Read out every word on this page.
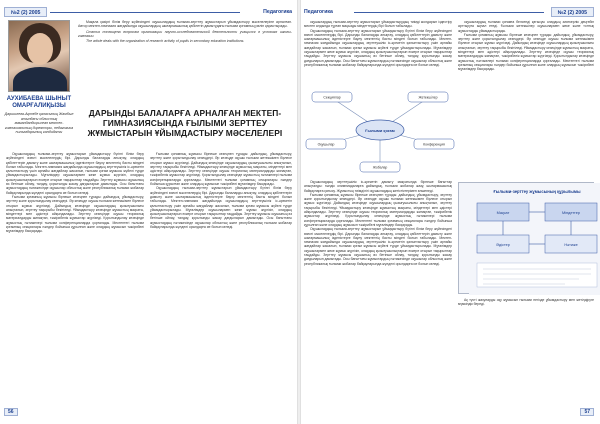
№2 (2) 2005	Педагогика
АУХИБАЕВА ШЫНЫТ ОМАРҒАЛИҚЫЗЫ
Даршилева-Ақтөбе қаласының Жамбыл атындағы облыстық мамандандырылған мектеп-гимназиясының директоры, педагогика ғылымдарының кандидаты

Мақала қазіргі білім беру жүйесіндегі оқушылардың ғылыми-зерттеу жұмыстарын ұйымдастыру мәселелеріне арналған. Автор мектеп-гимназия жағдайында оқушылардың шығармашылық қабілетін дамытудағы ғылыми қоғамның рөлін қарастырады.

Статья посвящена вопросам организации научно-исследовательской деятельности учащихся в условиях школы-гимназии.

The article deals with the organization of research activity of pupils in secondary education institutions.

ДАРЫНДЫ БАЛАЛАРҒА АРНАЛҒАН МЕКТЕП-ГИМНАЗИЯСЫНДА ҒЫЛЫМИ ЗЕРТТЕУ ЖҰМЫСТАРЫН ҰЙЫМДАСТЫРУ МӘСЕЛЕЛЕРІ

Оқушылардың ғылыми-зерттеу жұмыстарын ұйымдастыру бүгінгі білім беру жүйесіндегі өзекті мәселелердің бірі. Дарынды балаларды анықтау, олардың қабілеттерін дамыту және шығармашылық ізденістерге баулу мектептің басты міндеті болып табылады. Мектеп-гимназия жағдайында оқушылардың зерттеушілік іс-әрекетін қалыптастыру үшін арнайы жағдайлар жасалып, ғылыми қоғам жұмысы жүйелі түрде ұйымдастырылады. Мұғалімдер оқушылармен жеке жұмыс жүргізіп, олардың қызығушылықтарын ескере отырып тақырыптар таңдайды. Зерттеу жұмысы оқушының өз бетінше ойлау, талдау, қорытынды жасау дағдыларын дамытады. Осы бағыттағы жұмыстардың нәтижесінде оқушылар облыстық және республикалық ғылыми жобалар байқауларында жүлделі орындарға ие болып келеді.

Ғылыми қоғамның жұмысы бірнеше кезеңнен тұрады: дайындық, ұйымдастыру, зерттеу және қорытындылау кезеңдері. Әр кезеңде оқушы ғылыми жетекшімен бірлесе отырып жұмыс жүргізеді. Дайындық кезеңінде оқушылардың қызығушылығы анықталып, зерттеу тақырыбы бекітіледі. Ұйымдастыру кезеңінде жұмыстың мақсаты, міндеттері мен әдістері айқындалады. Зерттеу кезеңінде оқушы теориялық материалдарды жинақтап, тәжірибелік жұмыстар жүргізеді. Қорытындылау кезеңінде жұмыстың нәтижелері ғылыми конференцияларда қорғалады. Мектептегі ғылыми қоғамның секциялары пәндер бойынша құрылған және олардың жұмысын тәжірибелі мұғалімдер басқарады.

Ғылыми қоғамның жұмысы бірнеше кезеңнен тұрады: дайындық, ұйымдастыру, зерттеу және қорытындылау кезеңдері. Әр кезеңде оқушы ғылыми жетекшімен бірлесе отырып жұмыс жүргізеді. Дайындық кезеңінде оқушылардың қызығушылығы анықталып, зерттеу тақырыбы бекітіледі. Ұйымдастыру кезеңінде жұмыстың мақсаты, міндеттері мен әдістері айқындалады. Зерттеу кезеңінде оқушы теориялық материалдарды жинақтап, тәжірибелік жұмыстар жүргізеді. Қорытындылау кезеңінде жұмыстың нәтижелері ғылыми конференцияларда қорғалады. Мектептегі ғылыми қоғамның секциялары пәндер бойынша құрылған және олардың жұмысын тәжірибелі мұғалімдер басқарады.

Оқушылардың ғылыми-зерттеу жұмыстарын ұйымдастыру бүгінгі білім беру жүйесіндегі өзекті мәселелердің бірі. Дарынды балаларды анықтау, олардың қабілеттерін дамыту және шығармашылық ізденістерге баулу мектептің басты міндеті болып табылады. Мектеп-гимназия жағдайында оқушылардың зерттеушілік іс-әрекетін қалыптастыру үшін арнайы жағдайлар жасалып, ғылыми қоғам жұмысы жүйелі түрде ұйымдастырылады. Мұғалімдер оқушылармен жеке жұмыс жүргізіп, олардың қызығушылықтарын ескере отырып тақырыптар таңдайды. Зерттеу жұмысы оқушының өз бетінше ойлау, талдау, қорытынды жасау дағдыларын дамытады. Осы бағыттағы жұмыстардың нәтижесінде оқушылар облыстық және республикалық ғылыми жобалар байқауларында жүлделі орындарға ие болып келеді.

56
Педагогика	№2 (2) 2005

оқушылардың ғылыми-зерттеу жұмыстарын ұйымдастырудың тиімді жолдарын іздестіру мектеп алдында тұрған маңызды міндеттердің бірі болып табылады.

Оқушылардың ғылыми-зерттеу жұмыстарын ұйымдастыру бүгінгі білім беру жүйесіндегі өзекті мәселелердің бірі. Дарынды балаларды анықтау, олардың қабілеттерін дамыту және шығармашылық ізденістерге баулу мектептің басты міндеті болып табылады. Мектеп-гимназия жағдайында оқушылардың зерттеушілік іс-әрекетін қалыптастыру үшін арнайы жағдайлар жасалып, ғылыми қоғам жұмысы жүйелі түрде ұйымдастырылады. Мұғалімдер оқушылармен жеке жұмыс жүргізіп, олардың қызығушылықтарын ескере отырып тақырыптар таңдайды. Зерттеу жұмысы оқушының өз бетінше ойлау, талдау, қорытынды жасау дағдыларын дамытады. Осы бағыттағы жұмыстардың нәтижесінде оқушылар облыстық және республикалық ғылыми жобалар байқауларында жүлделі орындарға ие болып келеді.

Ғылыми қоғам
Секциялар	Жетекшілер
Оқушылар	Конференция
Жобалар

Оқушылардың зерттеушілік іс-әрекетін дамыту мақсатында бірнеше бағыттар анықталды: пәндік олимпиадаларға дайындық, ғылыми жобалар жазу, шығармашылық байқауларға қатысу. Жұмыстың тиімділігі оқушылардың жетістіктерімен өлшенеді.

Ғылыми қоғамның жұмысы бірнеше кезеңнен тұрады: дайындық, ұйымдастыру, зерттеу және қорытындылау кезеңдері. Әр кезеңде оқушы ғылыми жетекшімен бірлесе отырып жұмыс жүргізеді. Дайындық кезеңінде оқушылардың қызығушылығы анықталып, зерттеу тақырыбы бекітіледі. Ұйымдастыру кезеңінде жұмыстың мақсаты, міндеттері мен әдістері айқындалады. Зерттеу кезеңінде оқушы теориялық материалдарды жинақтап, тәжірибелік жұмыстар жүргізеді. Қорытындылау кезеңінде жұмыстың нәтижелері ғылыми конференцияларда қорғалады. Мектептегі ғылыми қоғамның секциялары пәндер бойынша құрылған және олардың жұмысын тәжірибелі мұғалімдер басқарады.

Оқушылардың ғылыми-зерттеу жұмыстарын ұйымдастыру бүгінгі білім беру жүйесіндегі өзекті мәселелердің бірі. Дарынды балаларды анықтау, олардың қабілеттерін дамыту және шығармашылық ізденістерге баулу мектептің басты міндеті болып табылады. Мектеп-гимназия жағдайында оқушылардың зерттеушілік іс-әрекетін қалыптастыру үшін арнайы жағдайлар жасалып, ғылыми қоғам жұмысы жүйелі түрде ұйымдастырылады. Мұғалімдер оқушылармен жеке жұмыс жүргізіп, олардың қызығушылықтарын ескере отырып тақырыптар таңдайды. Зерттеу жұмысы оқушының өз бетінше ойлау, талдау, қорытынды жасау дағдыларын дамытады. Осы бағыттағы жұмыстардың нәтижесінде оқушылар облыстық және республикалық ғылыми жобалар байқауларында жүлделі орындарға ие болып келеді.

оқушылардың ғылыми қоғамға белсенді қатысуы олардың зияткерлік деңгейін арттыруға ықпал етеді. Ғылыми жетекшілер оқушылармен жеке және топтық жұмыстарды ұйымдастырады.

Ғылыми қоғамның жұмысы бірнеше кезеңнен тұрады: дайындық, ұйымдастыру, зерттеу және қорытындылау кезеңдері. Әр кезеңде оқушы ғылыми жетекшімен бірлесе отырып жұмыс жүргізеді. Дайындық кезеңінде оқушылардың қызығушылығы анықталып, зерттеу тақырыбы бекітіледі. Ұйымдастыру кезеңінде жұмыстың мақсаты, міндеттері мен әдістері айқындалады. Зерттеу кезеңінде оқушы теориялық материалдарды жинақтап, тәжірибелік жұмыстар жүргізеді. Қорытындылау кезеңінде жұмыстың нәтижелері ғылыми конференцияларда қорғалады. Мектептегі ғылыми қоғамның секциялары пәндер бойынша құрылған және олардың жұмысын тәжірибелі мұғалімдер басқарады.

Ғылыми-зерттеу жұмысының құрылымы
Мақсат	Міндеттер
Әдістер	Нәтиже

Ақ түсті жазуларды оқу жұмысын ғылыми негізде ұйымдастыру мен жетілдіруге мүмкіндік береді.

57
